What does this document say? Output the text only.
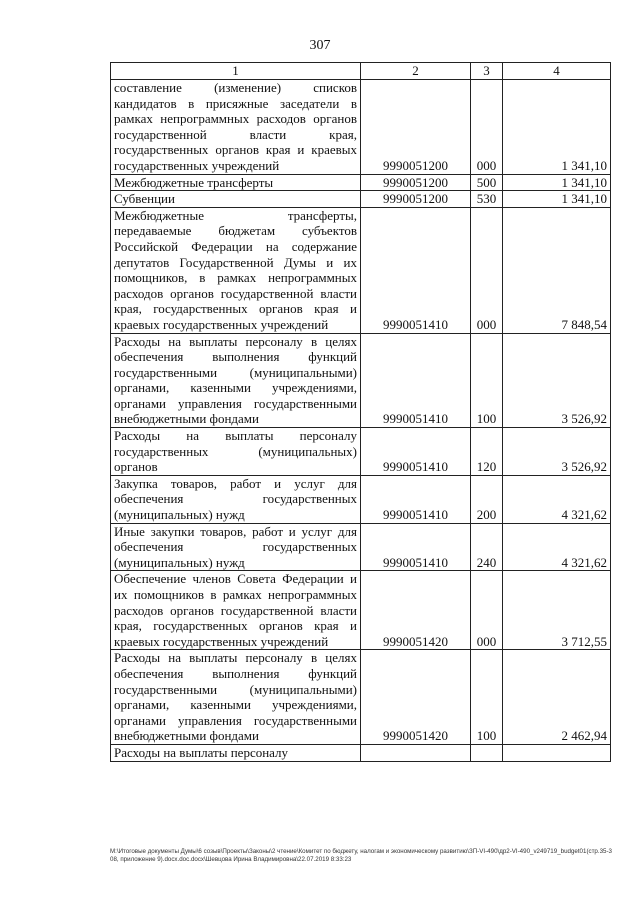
307
1	2	3	4
составление (изменение) списков кандидатов в присяжные заседатели в рамках непрограммных расходов органов государственной власти края, государственных органов края и краевых государственных учреждений	9990051200	000	1 341,10
Межбюджетные трансферты	9990051200	500	1 341,10
Субвенции	9990051200	530	1 341,10
Межбюджетные трансферты, передаваемые бюджетам субъектов Российской Федерации на содержание депутатов Государственной Думы и их помощников, в рамках непрограммных расходов органов государственной власти края, государственных органов края и краевых государственных учреждений	9990051410	000	7 848,54
Расходы на выплаты персоналу в целях обеспечения выполнения функций государственными (муниципальными) органами, казенными учреждениями, органами управления государственными внебюджетными фондами	9990051410	100	3 526,92
Расходы на выплаты персоналу государственных (муниципальных) органов	9990051410	120	3 526,92
Закупка товаров, работ и услуг для обеспечения государственных (муниципальных) нужд	9990051410	200	4 321,62
Иные закупки товаров, работ и услуг для обеспечения государственных (муниципальных) нужд	9990051410	240	4 321,62
Обеспечение членов Совета Федерации и их помощников в рамках непрограммных расходов органов государственной власти края, государственных органов края и краевых государственных учреждений	9990051420	000	3 712,55
Расходы на выплаты персоналу в целях обеспечения выполнения функций государственными (муниципальными) органами, казенными учреждениями, органами управления государственными внебюджетными фондами	9990051420	100	2 462,94
Расходы на выплаты персоналу			
M:\Итоговые документы Думы\6 созыв\Проекты\Законы\2 чтение\Комитет по бюджету, налогам и экономическому развитию\ЗП-VI-490\др2-VI-490_v249719_budget01(стр.35-308, приложение 9).docx.doc.docx\Шевцова Ирина Владимировна\22.07.2019 8:33:23
